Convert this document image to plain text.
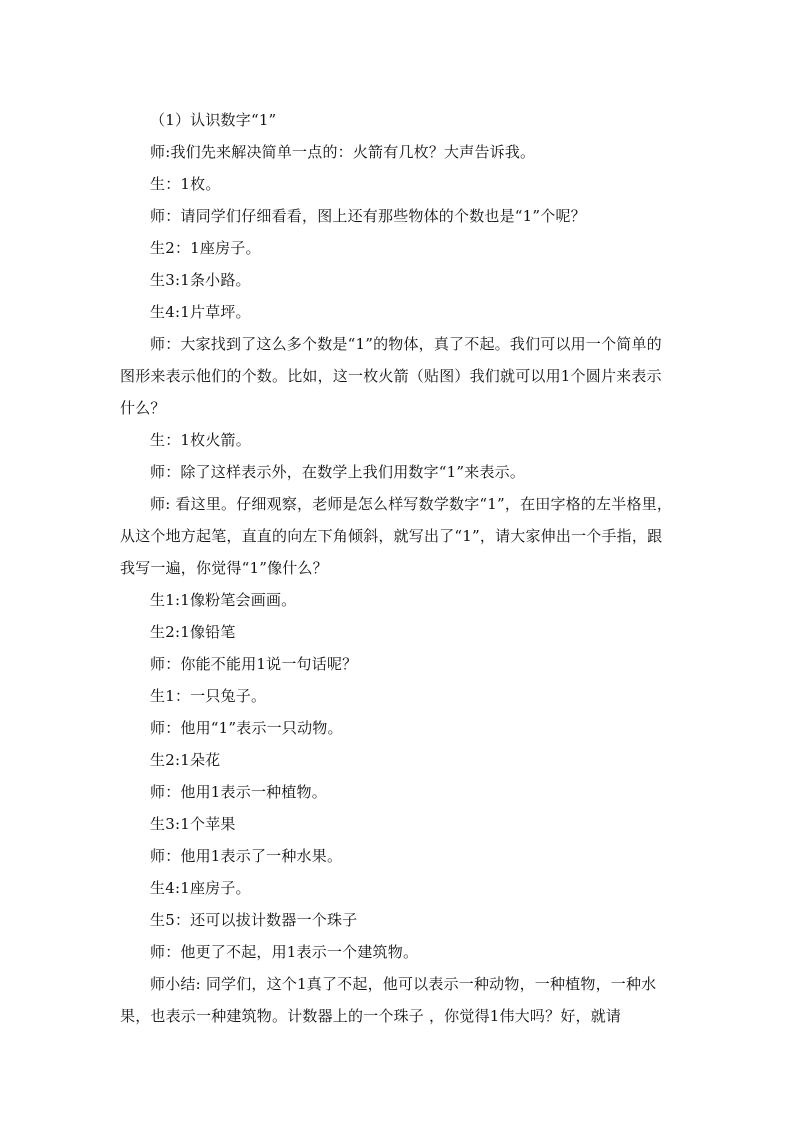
（1）认识数字“1”

师:我们先来解决简单一点的：火箭有几枚？大声告诉我。

生：1枚。

师：请同学们仔细看看，图上还有那些物体的个数也是“1”个呢？

生2：1座房子。

生3:1条小路。

生4:1片草坪。

师：大家找到了这么多个数是“1”的物体，真了不起。我们可以用一个简单的图形来表示他们的个数。比如，这一枚火箭（贴图）我们就可以用1个圆片来表示什么？

生：1枚火箭。

师：除了这样表示外，在数学上我们用数字“1”来表示。

师: 看这里。仔细观察，老师是怎么样写数学数字“1”，在田字格的左半格里，从这个地方起笔，直直的向左下角倾斜，就写出了“1”，请大家伸出一个手指，跟我写一遍，你觉得“1”像什么？

生1:1像粉笔会画画。

生2:1像铅笔

师：你能不能用1说一句话呢？

生1：一只兔子。

师：他用“1”表示一只动物。

生2:1朵花

师：他用1表示一种植物。

生3:1个苹果

师：他用1表示了一种水果。

生4:1座房子。

生5：还可以拔计数器一个珠子

师：他更了不起，用1表示一个建筑物。

师小结: 同学们，这个1真了不起，他可以表示一种动物，一种植物，一种水果，也表示一种建筑物。计数器上的一个珠子 ，你觉得1伟大吗？好，就请
